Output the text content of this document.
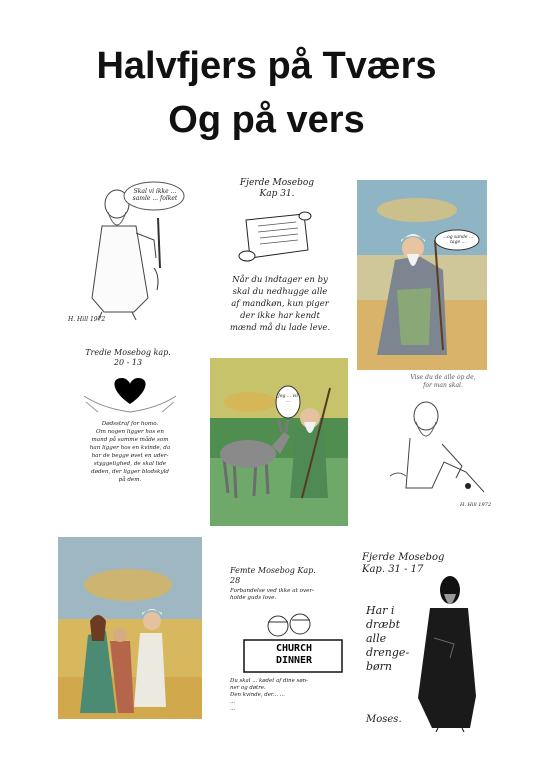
Halvfjers på Tværs
Og på vers
Skal vi ikke ... samle ... folket
H. Hill 1972
Fjerde Mosebog
Kap 31.
Når du indtager en by
skal du nedhugge alle
af mandkøn, kun piger
der ikke har kendt
mænd må du lade leve.
...og sande ... tage ...
Tredie Mosebog kap.
20 - 13
Dødsstraf for homo.
Om nogen ligger hos en
mand på samme måde som
han ligger hos en kvinde, da
har de begge øvet en uder-
styggelighed, de skal lide
døden, der ligger blodskyld
på dem.
Jeg ... vil ...
Vise du de alle op de,
for man skal.
H. Hill 1972
Femte Mosebog Kap.
28
Forbandelse ved ikke at over-
holde guds love.
CHURCH
DINNER
Du skal ... kødet af dine søn-
ner og døtre.
Den kvinde, der... ...
...
...
Fjerde Mosebog
Kap. 31 - 17
Har i
dræbt
alle
drenge-
børn
Moses.
